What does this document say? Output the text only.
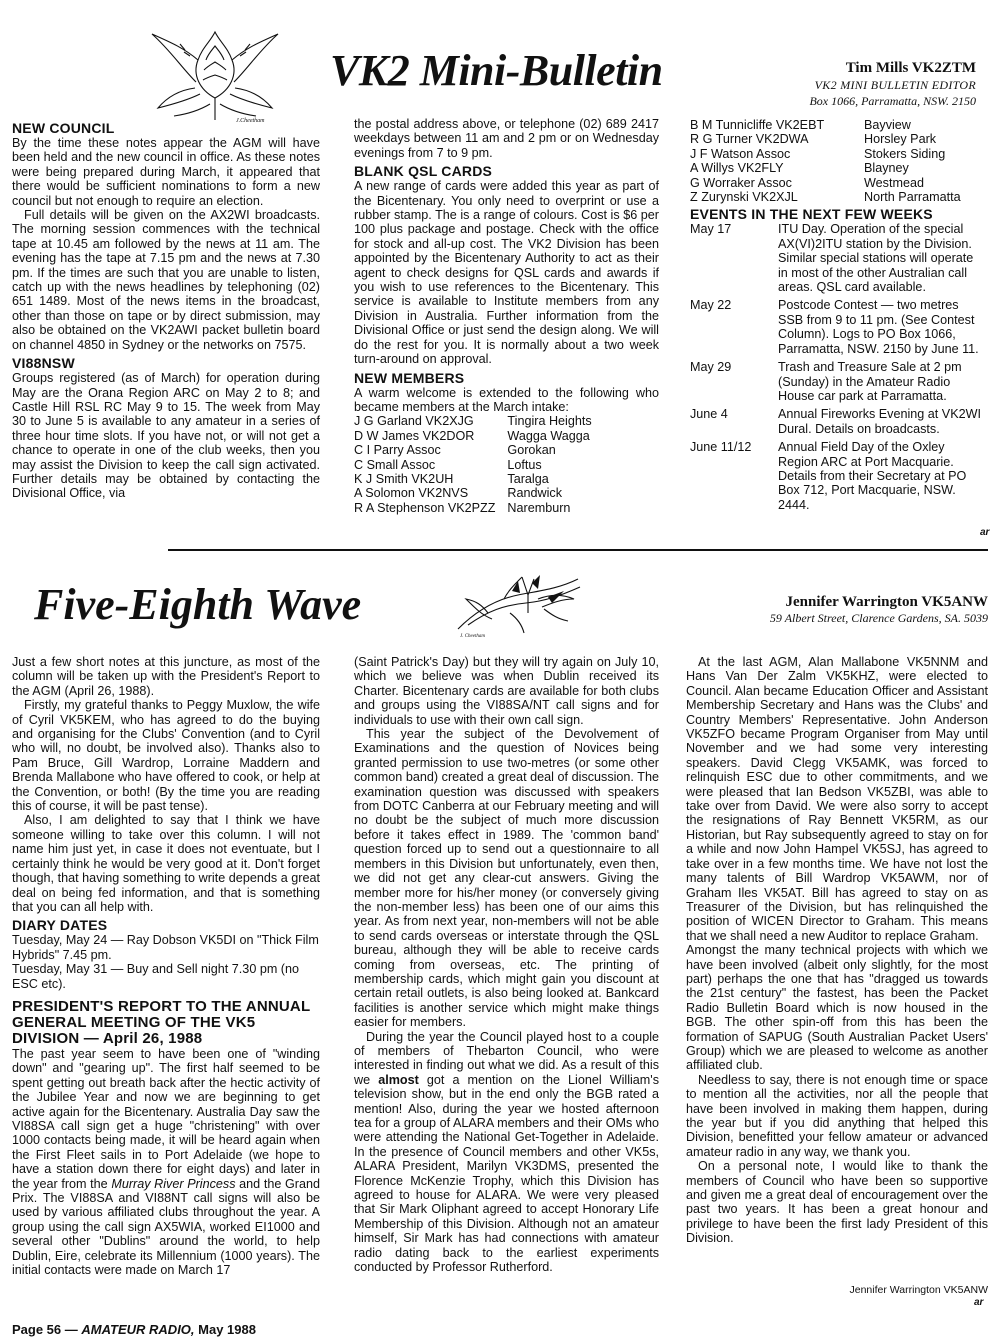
J.Cheetham
VK2 Mini-Bulletin	Tim Mills VK2ZTM
VK2 MINI BULLETIN EDITOR
Box 1066, Parramatta, NSW. 2150
NEW COUNCIL

By the time these notes appear the AGM will have been held and the new council in office. As these notes were being prepared during March, it appeared that there would be sufficient nominations to form a new council but not enough to require an election.

Full details will be given on the AX2WI broadcasts. The morning session commences with the technical tape at 10.45 am followed by the news at 11 am. The evening has the tape at 7.15 pm and the news at 7.30 pm. If the times are such that you are unable to listen, catch up with the news headlines by telephoning (02) 651 1489. Most of the news items in the broadcast, other than those on tape or by direct submission, may also be obtained on the VK2AWI packet bulletin board on channel 4850 in Sydney or the networks on 7575.

VI88NSW

Groups registered (as of March) for operation during May are the Orana Region ARC on May 2 to 8; and Castle Hill RSL RC May 9 to 15. The week from May 30 to June 5 is available to any amateur in a series of three hour time slots. If you have not, or will not get a chance to operate in one of the club weeks, then you may assist the Division to keep the call sign activated. Further details may be obtained by contacting the Divisional Office, via

the postal address above, or telephone (02) 689 2417 weekdays between 11 am and 2 pm or on Wednesday evenings from 7 to 9 pm.

BLANK QSL CARDS

A new range of cards were added this year as part of the Bicentenary. You only need to overprint or use a rubber stamp. The is a range of colours. Cost is $6 per 100 plus package and postage. Check with the office for stock and all-up cost. The VK2 Division has been appointed by the Bicentenary Authority to act as their agent to check designs for QSL cards and awards if you wish to use references to the Bicentenary. This service is available to Institute members from any Division in Australia. Further information from the Divisional Office or just send the design along. We will do the rest for you. It is normally about a two week turn-around on approval.

NEW MEMBERS

A warm welcome is extended to the following who became members at the March intake:

J G Garland VK2XJG	Tingira Heights
D W James VK2DOR	Wagga Wagga
C I Parry Assoc	Gorokan
C Small Assoc	Loftus
K J Smith VK2UH	Taralga
A Solomon VK2NVS	Randwick
R A Stephenson VK2PZZ	Naremburn
B M Tunnicliffe VK2EBT	Bayview
R G Turner VK2DWA	Horsley Park
J F Watson Assoc	Stokers Siding
A Willys VK2FLY	Blayney
G Worraker Assoc	Westmead
Z Zurynski VK2XJL	North Parramatta
EVENTS IN THE NEXT FEW WEEKS
May 17	ITU Day. Operation of the special AX(VI)2ITU station by the Division. Similar special stations will operate in most of the other Australian call areas. QSL card available.
May 22	Postcode Contest — two metres SSB from 9 to 11 pm. (See Contest Column). Logs to PO Box 1066, Parramatta, NSW. 2150 by June 11.
May 29	Trash and Treasure Sale at 2 pm (Sunday) in the Amateur Radio House car park at Parramatta.
June 4	Annual Fireworks Evening at VK2WI Dural. Details on broadcasts.
June 11/12	Annual Field Day of the Oxley Region ARC at Port Macquarie. Details from their Secretary at PO Box 712, Port Macquarie, NSW. 2444.
ar
Five-Eighth Wave
J. Cheetham
Jennifer Warrington VK5ANW
59 Albert Street, Clarence Gardens, SA. 5039

Just a few short notes at this juncture, as most of the column will be taken up with the President's Report to the AGM (April 26, 1988).

Firstly, my grateful thanks to Peggy Muxlow, the wife of Cyril VK5KEM, who has agreed to do the buying and organising for the Clubs' Convention (and to Cyril who will, no doubt, be involved also). Thanks also to Pam Bruce, Gill Wardrop, Lorraine Maddern and Brenda Mallabone who have offered to cook, or help at the Convention, or both! (By the time you are reading this of course, it will be past tense).

Also, I am delighted to say that I think we have someone willing to take over this column. I will not name him just yet, in case it does not eventuate, but I certainly think he would be very good at it. Don't forget though, that having something to write depends a great deal on being fed information, and that is something that you can all help with.

DIARY DATES

Tuesday, May 24 — Ray Dobson VK5DI on "Thick Film Hybrids" 7.45 pm.

Tuesday, May 31 — Buy and Sell night 7.30 pm (no ESC etc).

PRESIDENT'S REPORT TO THE ANNUAL GENERAL MEETING OF THE VK5 DIVISION — April 26, 1988

The past year seem to have been one of "winding down" and "gearing up". The first half seemed to be spent getting out breath back after the hectic activity of the Jubilee Year and now we are beginning to get active again for the Bicentenary. Australia Day saw the VI88SA call sign get a huge "christening" with over 1000 contacts being made, it will be heard again when the First Fleet sails in to Port Adelaide (we hope to have a station down there for eight days) and later in the year from the Murray River Princess and the Grand Prix. The VI88SA and VI88NT call signs will also be used by various affiliated clubs throughout the year. A group using the call sign AX5WIA, worked EI1000 and several other "Dublins" around the world, to help Dublin, Eire, celebrate its Millennium (1000 years). The initial contacts were made on March 17

(Saint Patrick's Day) but they will try again on July 10, which we believe was when Dublin received its Charter. Bicentenary cards are available for both clubs and groups using the VI88SA/NT call signs and for individuals to use with their own call sign.

This year the subject of the Devolvement of Examinations and the question of Novices being granted permission to use two-metres (or some other common band) created a great deal of discussion. The examination question was discussed with speakers from DOTC Canberra at our February meeting and will no doubt be the subject of much more discussion before it takes effect in 1989. The 'common band' question forced up to send out a questionnaire to all members in this Division but unfortunately, even then, we did not get any clear-cut answers. Giving the member more for his/her money (or conversely giving the non-member less) has been one of our aims this year. As from next year, non-members will not be able to send cards overseas or interstate through the QSL bureau, although they will be able to receive cards coming from overseas, etc. The printing of membership cards, which might gain you discount at certain retail outlets, is also being looked at. Bankcard facilities is another service which might make things easier for members.

During the year the Council played host to a couple of members of Thebarton Council, who were interested in finding out what we did. As a result of this we almost got a mention on the Lionel William's television show, but in the end only the BGB rated a mention! Also, during the year we hosted afternoon tea for a group of ALARA members and their OMs who were attending the National Get-Together in Adelaide. In the presence of Council members and other VK5s, ALARA President, Marilyn VK3DMS, presented the Florence McKenzie Trophy, which this Division has agreed to house for ALARA. We were very pleased that Sir Mark Oliphant agreed to accept Honorary Life Membership of this Division. Although not an amateur himself, Sir Mark has had connections with amateur radio dating back to the earliest experiments conducted by Professor Rutherford.

At the last AGM, Alan Mallabone VK5NNM and Hans Van Der Zalm VK5KHZ, were elected to Council. Alan became Education Officer and Assistant Membership Secretary and Hans was the Clubs' and Country Members' Representative. John Anderson VK5ZFO became Program Organiser from May until November and we had some very interesting speakers. David Clegg VK5AMK, was forced to relinquish ESC due to other commitments, and we were pleased that Ian Bedson VK5ZBI, was able to take over from David. We were also sorry to accept the resignations of Ray Bennett VK5RM, as our Historian, but Ray subsequently agreed to stay on for a while and now John Hampel VK5SJ, has agreed to take over in a few months time. We have not lost the many talents of Bill Wardrop VK5AWM, nor of Graham Iles VK5AT. Bill has agreed to stay on as Treasurer of the Division, but has relinquished the position of WICEN Director to Graham. This means that we shall need a new Auditor to replace Graham.

Amongst the many technical projects with which we have been involved (albeit only slightly, for the most part) perhaps the one that has "dragged us towards the 21st century" the fastest, has been the Packet Radio Bulletin Board which is now housed in the BGB. The other spin-off from this has been the formation of SAPUG (South Australian Packet Users' Group) which we are pleased to welcome as another affiliated club.

Needless to say, there is not enough time or space to mention all the activities, nor all the people that have been involved in making them happen, during the year but if you did anything that helped this Division, benefitted your fellow amateur or advanced amateur radio in any way, we thank you.

On a personal note, I would like to thank the members of Council who have been so supportive and given me a great deal of encouragement over the past two years. It has been a great honour and privilege to have been the first lady President of this Division.

Jennifer Warrington VK5ANW
ar
Page 56 — AMATEUR RADIO, May 1988
